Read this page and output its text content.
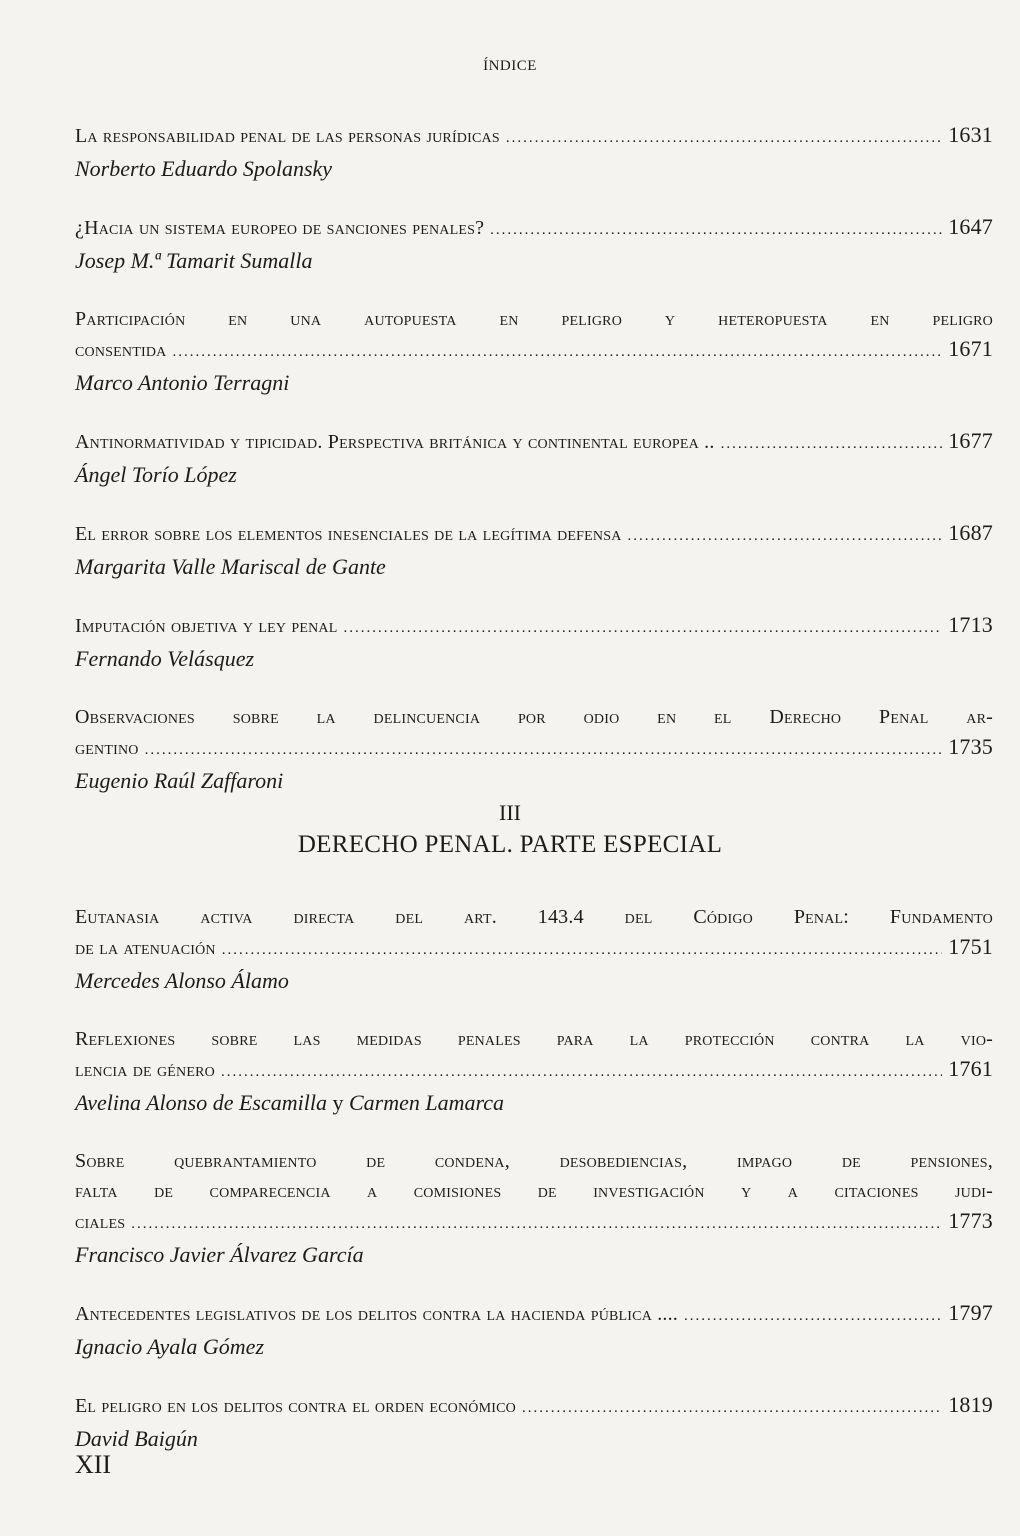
ÍNDICE
La responsabilidad penal de las personas jurídicas .....	1631
Norberto Eduardo Spolansky
¿Hacia un sistema europeo de sanciones penales? .....	1647
Josep M.ª Tamarit Sumalla
Participación en una autopuesta en peligro y heteropuesta en peligro
consentida .....	1671
Marco Antonio Terragni
Antinormatividad y tipicidad. Perspectiva británica y continental europea .. .....	1677
Ángel Torío López
El error sobre los elementos inesenciales de la legítima defensa .....	1687
Margarita Valle Mariscal de Gante
Imputación objetiva y ley penal .....	1713
Fernando Velásquez
Observaciones sobre la delincuencia por odio en el Derecho Penal ar-
gentino .....	1735
Eugenio Raúl Zaffaroni
III
DERECHO PENAL. PARTE ESPECIAL
Eutanasia activa directa del art. 143.4 del Código Penal: Fundamento
de la atenuación .....	1751
Mercedes Alonso Álamo
Reflexiones sobre las medidas penales para la protección contra la vio-
lencia de género .....	1761
Avelina Alonso de Escamilla y Carmen Lamarca
Sobre quebrantamiento de condena, desobediencias, impago de pensiones,
falta de comparecencia a comisiones de investigación y a citaciones judi-
ciales .....	1773
Francisco Javier Álvarez García
Antecedentes legislativos de los delitos contra la hacienda pública .... .....	1797
Ignacio Ayala Gómez
El peligro en los delitos contra el orden económico .....	1819
David Baigún
XII
